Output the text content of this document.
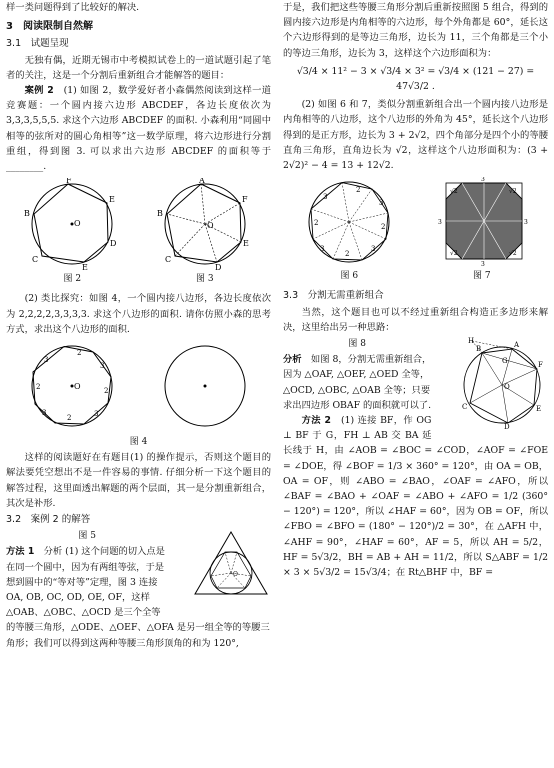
样一类问题得到了比较好的解决.

3　阅读限制自然解
3.1　试题呈现

无独有偶，近期无锡市中考模拟试卷上的一道试题引起了笔者的关注，这是一个分割后重新组合才能解答的题目：

案例 2　 (1) 如图 2，数学爱好者小森偶然阅读到这样一道竞赛题：一个圆内接六边形 ABCDEF，各边长度依次为 3,3,3,5,5,5. 求这个六边形 ABCDEF 的面积. 小森利用“同圆中相等的弦所对的圆心角相等”这一数学原理，将六边形进行分割重组，得到图 3. 可以求出六边形 ABCDEF 的面积等于 ________.

O
F
E
D
E
C
B
图 2
O
A
F
E
D
C
B
图 3

(2) 类比探究：如图 4，一个圆内接八边形，各边长度依次为 2,2,2,2,3,3,3,3. 求这个八边形的面积. 请你仿照小森的思考方式，求出这个八边形的面积.

O
2
3
2
3
2
3
2
3
图 4

这样的阅读题好在有题目(1) 的操作提示，否则这个题目的解法要凭空想出不是一件容易的事情. 仔细分析一下这个题目的解答过程，这里面透出解题的两个层面，其一是分割重新组合，其次是补形.

3.2　案例 2 的解答

O

图 5
方法 1　 分析 (1) 这个问题的切入点是在同一个圆中，因为有两组等弦，于是想到圆中的“等对等”定理，图 3 连接 OA, OB, OC, OD, OE, OF，这样 △OAB、△OBC、△OCD 是三个全等的等腰三角形，△ODE、△OEF、△OFA 是另一组全等的等腰三角形；我们可以得到这两种等腰三角形顶角的和为 120°,

于是，我们把这些等腰三角形分割后重新按照图 5 组合，得到的圆内接六边形是内角相等的六边形，每个外角都是 60°，延长这个六边形得到的是等边三角形，边长为 11，三个角都是三个小的等边三角形，边长为 3，这样这个六边形面积为：

√3/4 × 11² − 3 × √3/4 × 3² = √3/4 × (121 − 27) = 47√3/2 .

(2) 如图 6 和 7，类似分割重新组合出一个圆内接八边形是内角相等的八边形，这个八边形的外角为 45°，延长这个八边形得到的是正方形，边长为 3 + 2√2，四个角部分是四个小的等腰直角三角形，直角边长为 √2，这样这个八边形面积为：(3 + 2√2)² − 4 = 13 + 12√2.

2
3
2
3
2
3
2
3
图 6
√2	√2
√2	√2
3
3	3
3
图 7
3.3　分割无需重新组合

当然，这个题目也可以不经过重新组合构造正多边形来解决，这里给出另一种思路：

O
H
G
A
B
F
E
D
C

图 8
分析　 如图 8，分割无需重新组合，因为 △OAF, △OEF, △OED 全等，△OCD, △OBC, △OAB 全等；只要求出四边形 OBAF 的面积就可以了.

方法 2　 (1) 连接 BF，作 OG ⊥ BF 于 G，FH ⊥ AB 交 BA 延长线于 H，由 ∠AOB = ∠BOC = ∠COD，∠AOF = ∠FOE = ∠DOE，得 ∠BOF = 1/3 × 360° = 120°，由 OA = OB，OA = OF，则 ∠ABO = ∠BAO，∠OAF = ∠AFO，所以 ∠BAF = ∠BAO + ∠OAF = ∠ABO + ∠AFO = 1/2 (360° − 120°) = 120°，所以 ∠HAF = 60°，因为 OB = OF，所以 ∠FBO = ∠BFO = (180° − 120°)/2 = 30°，在 △AFH 中，∠AHF = 90°，∠HAF = 60°，AF = 5，所以 AH = 5/2，HF = 5√3/2，BH = AB + AH = 11/2，所以 S△ABF = 1/2 × 3 × 5√3/2 = 15√3/4；在 Rt△BHF 中，BF =
